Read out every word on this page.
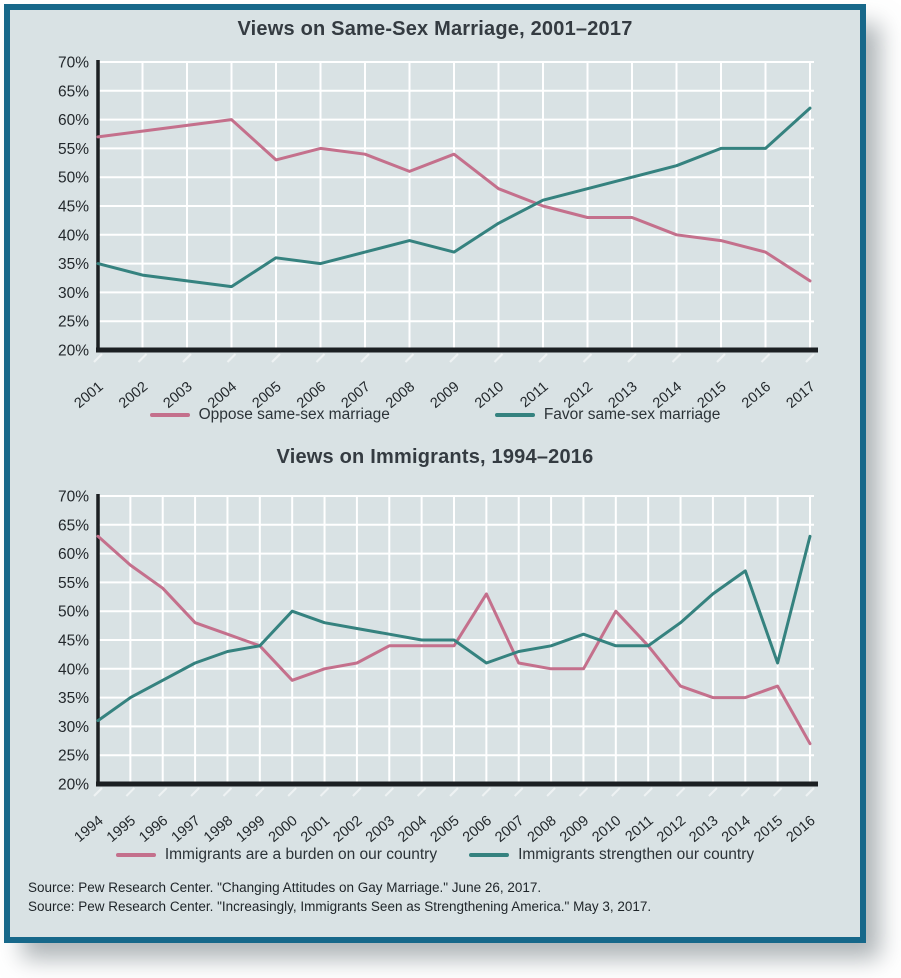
Views on Same-Sex Marriage, 2001–2017
20%
25%
30%
35%
40%
45%
50%
55%
60%
65%
70%
2001 2002 2003 2004 2005 2006 2007 2008 2009 2010 2011 2012 2013 2014 2015 2016 2017
Oppose same-sex marriage	Favor same-sex marriage
Views on Immigrants, 1994–2016
20%
25%
30%
35%
40%
45%
50%
55%
60%
65%
70%
1994
1995
1996
1997
1998
1999
2000
2001
2002
2003
2004
2005
2006
2007
2008
2009
2010
2011
2012
2013
2014
2015
2016
Immigrants are a burden on our country	Immigrants strengthen our country
Source: Pew Research Center. "Changing Attitudes on Gay Marriage." June 26, 2017.
Source: Pew Research Center. "Increasingly, Immigrants Seen as Strengthening America." May 3, 2017.
